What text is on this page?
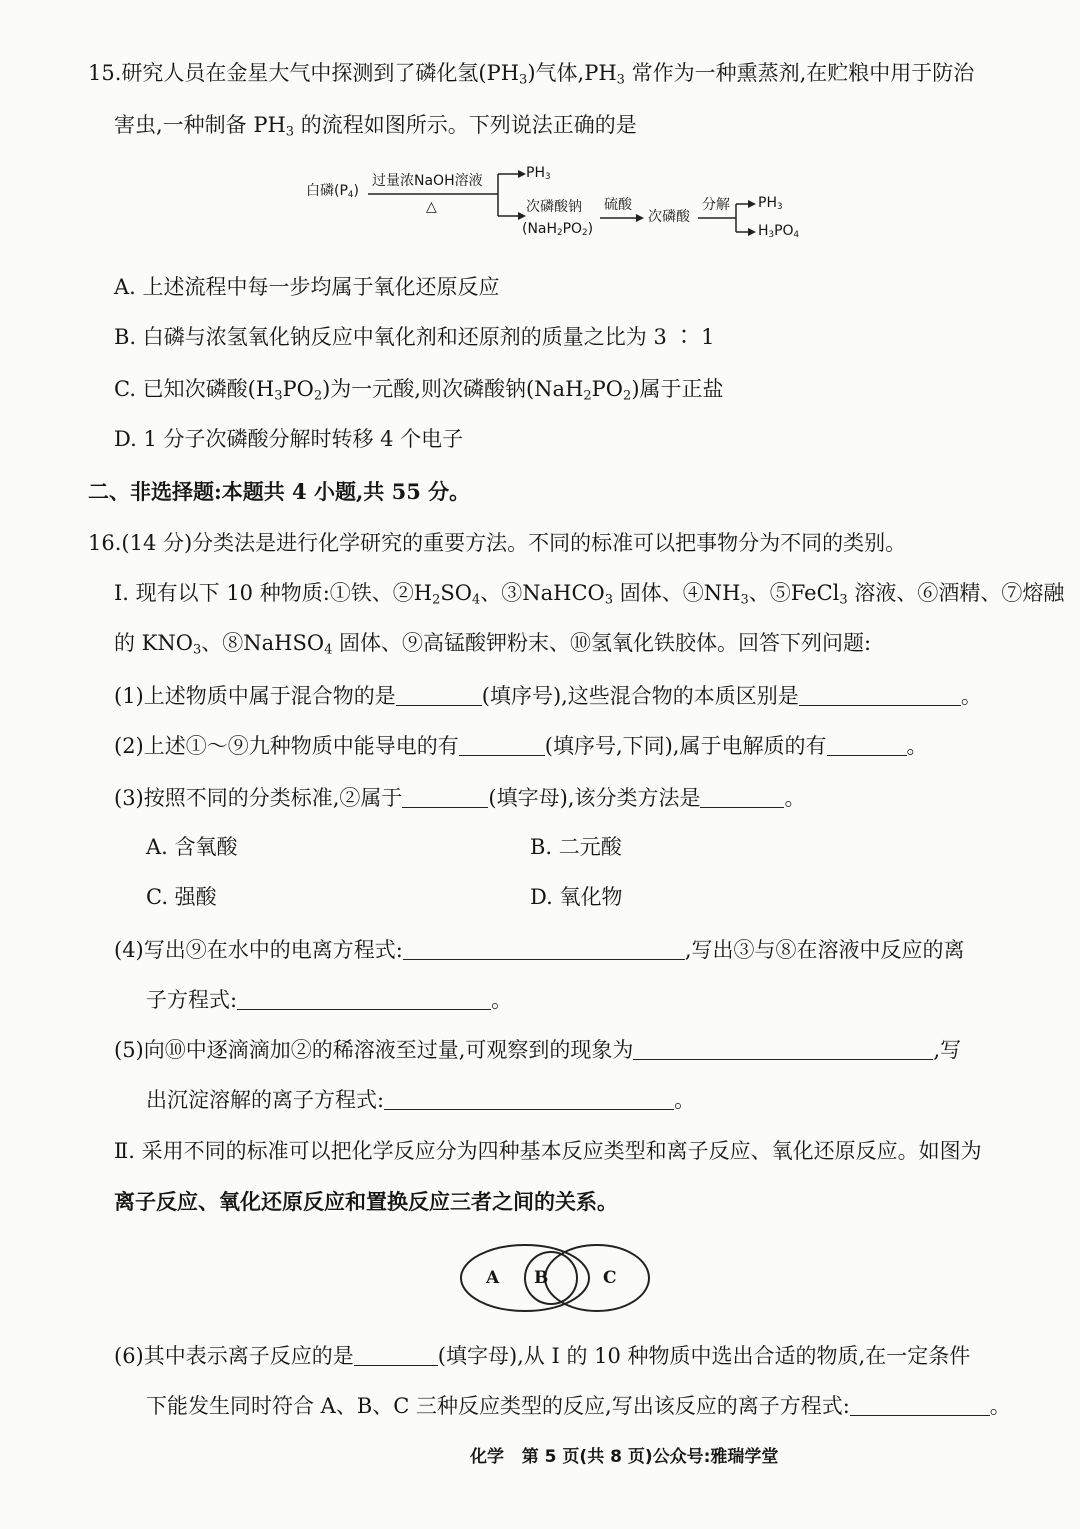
15.研究人员在金星大气中探测到了磷化氢$(PH_3)$气体$,PH_3$ 常作为一种熏蒸剂,在贮粮中用于防治
害虫,一种制备 $PH_3$ 的流程如图所示。下列说法正确的是
白磷$(P_4)$
过量浓NaOH溶液
△
$PH_3$
次磷酸钠
$(NaH_2PO_2)$
硫酸
次磷酸
分解 $PH_3$
$H_3PO_4$
A. 上述流程中每一步均属于氧化还原反应
B. 白磷与浓氢氧化钠反应中氧化剂和还原剂的质量之比为 3 ∶ 1
C. 已知次磷酸$(H_3PO_2)$为一元酸,则次磷酸钠$(NaH_2PO_2)$属于正盐
D. 1 分子次磷酸分解时转移 4 个电子
二、非选择题:本题共 4 小题,共 55 分。
16.(14 分)分类法是进行化学研究的重要方法。不同的标准可以把事物分为不同的类别。
Ⅰ. 现有以下 10 种物质:①铁、$②H_2SO_4$、③NaHCO$_3$ 固体、$④NH_3$、⑤FeCl$_3$ 溶液、⑥酒精、⑦熔融
的 $KNO_3$、⑧NaHSO$_4$ 固体、⑨高锰酸钾粉末、⑩氢氧化铁胶体。回答下列问题:
(1)上述物质中属于混合物的是	(填序号),这些混合物的本质区别是	。
(2)上述①～⑨九种物质中能导电的有	(填序号,下同),属于电解质的有	。
(3)按照不同的分类标准,②属于	(填字母),该分类方法是	。
A. 含氧酸	B. 二元酸
C. 强酸	D. 氧化物
(4)写出⑨在水中的电离方程式:	,写出③与⑧在溶液中反应的离
子方程式:	。
(5)向⑩中逐滴滴加②的稀溶液至过量,可观察到的现象为	,写
出沉淀溶解的离子方程式:	。
Ⅱ. 采用不同的标准可以把化学反应分为四种基本反应类型和离子反应、氧化还原反应。如图为
离子反应、氧化还原反应和置换反应三者之间的关系。
A B	C
(6)其中表示离子反应的是	(填字母),从 Ⅰ 的 10 种物质中选出合适的物质,在一定条件
下能发生同时符合 A、B、C 三种反应类型的反应,写出该反应的离子方程式:	。
化学 第 5 页(共 8 页)公众号:雅瑞学堂
